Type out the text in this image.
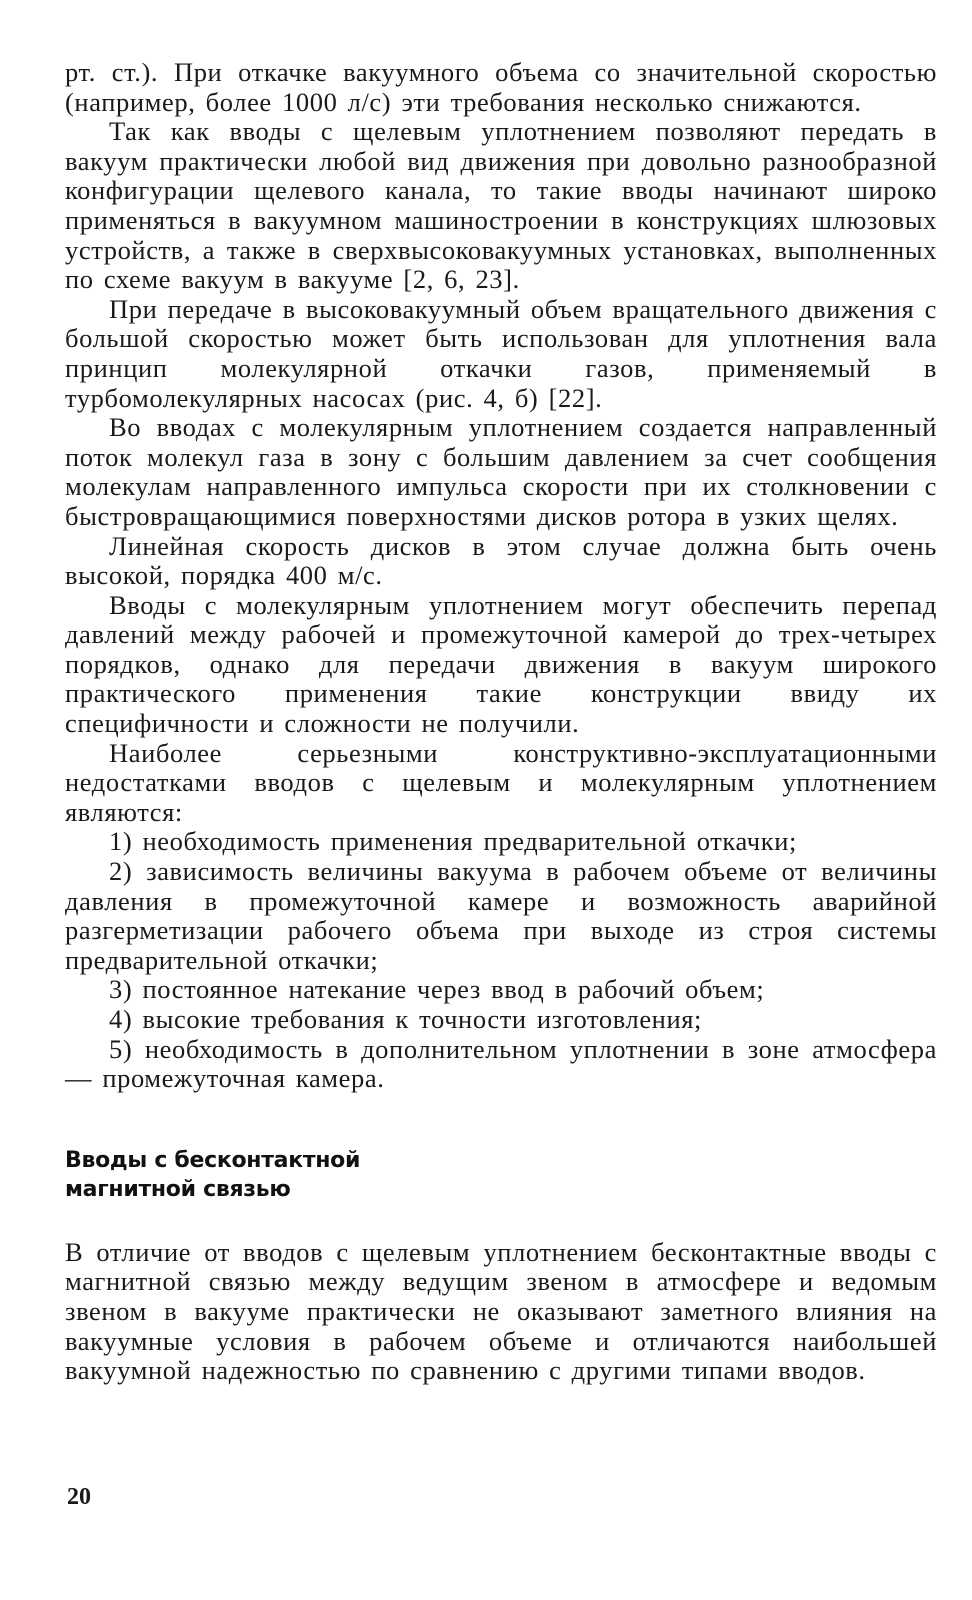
рт. ст.). При откачке вакуумного объема со значительной скоростью (например, более 1000 л/с) эти требования несколько снижаются.

Так как вводы с щелевым уплотнением позволяют передать в вакуум практически любой вид движения при довольно разнообразной конфигурации щелевого канала, то такие вводы начинают широко применяться в вакуумном машиностроении в конструкциях шлюзовых устройств, а также в сверхвысоковакуумных установках, выполненных по схеме вакуум в вакууме [2, 6, 23].

При передаче в высоковакуумный объем вращательного движения с большой скоростью может быть использован для уплотнения вала принцип молекулярной откачки газов, применяемый в турбомолекулярных насосах (рис. 4, б) [22].

Во вводах с молекулярным уплотнением создается направленный поток молекул газа в зону с большим давлением за счет сообщения молекулам направленного импульса скорости при их столкновении с быстровращающимися поверхностями дисков ротора в узких щелях.

Линейная скорость дисков в этом случае должна быть очень высокой, порядка 400 м/с.

Вводы с молекулярным уплотнением могут обеспечить перепад давлений между рабочей и промежуточной камерой до трех-четырех порядков, однако для передачи движения в вакуум широкого практического применения такие конструкции ввиду их специфичности и сложности не получили.

Наиболее серьезными конструктивно-эксплуатационными недостатками вводов с щелевым и молекулярным уплотнением являются:

1) необходимость применения предварительной откачки;

2) зависимость величины вакуума в рабочем объеме от величины давления в промежуточной камере и возможность аварийной разгерметизации рабочего объема при выходе из строя системы предварительной откачки;

3) постоянное натекание через ввод в рабочий объем;

4) высокие требования к точности изготовления;

5) необходимость в дополнительном уплотнении в зоне атмосфера — промежуточная камера.

Вводы с бесконтактной
магнитной связью

В отличие от вводов с щелевым уплотнением бесконтактные вводы с магнитной связью между ведущим звеном в атмосфере и ведомым звеном в вакууме практически не оказывают заметного влияния на вакуумные условия в рабочем объеме и отличаются наибольшей вакуумной надежностью по сравнению с другими типами вводов.

20
